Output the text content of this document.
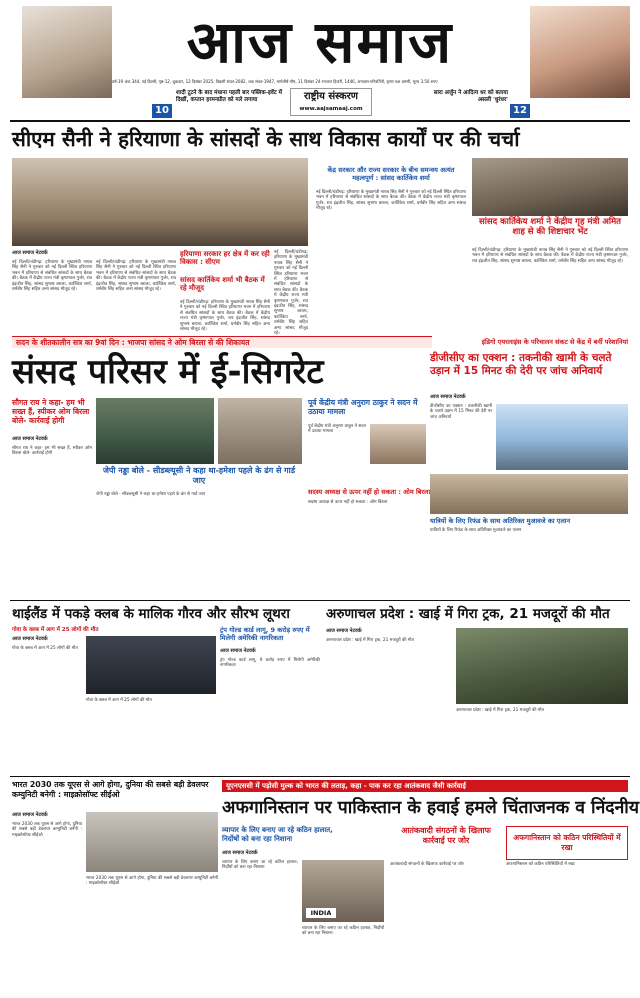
आज समाज
वर्ष-19 अंक 344, नई दिल्ली, पृष्ठ-12, शुक्रवार, 12 दिसंबर 2025, विक्रमी संवत-2082, शक संवत-1947, मार्गशीर्ष-पौष, 11 दिसंबर 24 रमजान हिजरी, 1446, अमावस-परिवर्तिनी, कृष्ण पक्ष अष्टमी, मूल्य 3.50 रुपए
10
शादी टूटने के बाद मंधाना पहली बार पब्लिक-इवेंट में दिखीं, कप्तान हरमनप्रीत को गले लगाया	राष्ट्रीय संस्करण
www.aajsamaaj.com
सारा अर्जुन ने आदित्य धर को बताया असली 'धुरंधर'
12
सीएम सैनी ने हरियाणा के सांसदों के साथ विकास कार्यों पर की चर्चा
आज समाज नेटवर्क
नई दिल्ली/चंडीगढ़: हरियाणा के मुख्यमंत्री नायब सिंह सैनी ने गुरुवार को नई दिल्ली स्थित हरियाणा भवन में हरियाणा से संबंधित सांसदों के साथ बैठक की। बैठक में केंद्रीय राज्य मंत्री कृष्णपाल गुर्जर, राव इंद्रजीत सिंह, सांसद सुभाष बराला, कार्तिकेय शर्मा, धर्मबीर सिंह सहित अन्य सांसद मौजूद रहे।
नई दिल्ली/चंडीगढ़: हरियाणा के मुख्यमंत्री नायब सिंह सैनी ने गुरुवार को नई दिल्ली स्थित हरियाणा भवन में हरियाणा से संबंधित सांसदों के साथ बैठक की। बैठक में केंद्रीय राज्य मंत्री कृष्णपाल गुर्जर, राव इंद्रजीत सिंह, सांसद सुभाष बराला, कार्तिकेय शर्मा, धर्मबीर सिंह सहित अन्य सांसद मौजूद रहे।
हरियाणा सरकार हर क्षेत्र में कर रही विकास : सीएम
सांसद कार्तिकेय शर्मा भी बैठक में रहे मौजूद
नई दिल्ली/चंडीगढ़: हरियाणा के मुख्यमंत्री नायब सिंह सैनी ने गुरुवार को नई दिल्ली स्थित हरियाणा भवन में हरियाणा से संबंधित सांसदों के साथ बैठक की। बैठक में केंद्रीय राज्य मंत्री कृष्णपाल गुर्जर, राव इंद्रजीत सिंह, सांसद सुभाष बराला, कार्तिकेय शर्मा, धर्मबीर सिंह सहित अन्य सांसद मौजूद रहे।
नई दिल्ली/चंडीगढ़: हरियाणा के मुख्यमंत्री नायब सिंह सैनी ने गुरुवार को नई दिल्ली स्थित हरियाणा भवन में हरियाणा से संबंधित सांसदों के साथ बैठक की। बैठक में केंद्रीय राज्य मंत्री कृष्णपाल गुर्जर, राव इंद्रजीत सिंह, सांसद सुभाष बराला, कार्तिकेय शर्मा, धर्मबीर सिंह सहित अन्य सांसद मौजूद रहे।
केंद्र सरकार और राज्य सरकार के बीच समन्वय अत्यंत महत्वपूर्ण : सांसद कार्तिकेय शर्मा
नई दिल्ली/चंडीगढ़: हरियाणा के मुख्यमंत्री नायब सिंह सैनी ने गुरुवार को नई दिल्ली स्थित हरियाणा भवन में हरियाणा से संबंधित सांसदों के साथ बैठक की। बैठक में केंद्रीय राज्य मंत्री कृष्णपाल गुर्जर, राव इंद्रजीत सिंह, सांसद सुभाष बराला, कार्तिकेय शर्मा, धर्मबीर सिंह सहित अन्य सांसद मौजूद रहे।
सांसद कार्तिकेय शर्मा ने केंद्रीय गृह मंत्री अमित शाह से की शिष्टाचार भेंट
नई दिल्ली/चंडीगढ़: हरियाणा के मुख्यमंत्री नायब सिंह सैनी ने गुरुवार को नई दिल्ली स्थित हरियाणा भवन में हरियाणा से संबंधित सांसदों के साथ बैठक की। बैठक में केंद्रीय राज्य मंत्री कृष्णपाल गुर्जर, राव इंद्रजीत सिंह, सांसद सुभाष बराला, कार्तिकेय शर्मा, धर्मबीर सिंह सहित अन्य सांसद मौजूद रहे।
सदन के शीतकालीन सत्र का 9वां दिन : भाजपा सांसद ने ओम बिरला से की शिकायत	इंडिगो एयरलाइंस के परिचालन संकट से केंद्र में बनीं परेशानियां
संसद परिसर में ई-सिगरेट
सौगत राय ने कहा- हम भी सख्त हैं, स्पीकर ओम बिरला बोले- कार्रवाई होगी
आज समाज नेटवर्क
सौगत राय ने कहा- हम भी सख्त हैं, स्पीकर ओम बिरला बोले- कार्रवाई होगी
जेपी नड्डा बोले - सीडब्ल्यूसी ने कहा था-हमेशा पहले के ढंग से गार्ड जाए
जेपी नड्डा बोले - सीडब्ल्यूसी ने कहा था-हमेशा पहले के ढंग से गार्ड जाए
पूर्व केंद्रीय मंत्री अनुराग ठाकुर ने सदन में उठाया मामला
पूर्व केंद्रीय मंत्री अनुराग ठाकुर ने सदन में उठाया मामला
सदस्य अध्यक्ष से ऊपर नहीं हो सकता : ओम बिरला
सदस्य अध्यक्ष से ऊपर नहीं हो सकता : ओम बिरला
डीजीसीए का एक्शन : तकनीकी खामी के चलते उड़ान में 15 मिनट की देरी पर जांच अनिवार्य
आज समाज नेटवर्क
डीजीसीए का एक्शन : तकनीकी खामी के चलते उड़ान में 15 मिनट की देरी पर जांच अनिवार्य
यात्रियों के लिए रिफंड के साथ अतिरिक्त मुआवजे का एलान
यात्रियों के लिए रिफंड के साथ अतिरिक्त मुआवजे का एलान
थाईलैंड में पकड़े क्लब के मालिक गौरव और सौरभ लूथरा
गोवा के क्लब में आग में 25 लोगों की मौत
आज समाज नेटवर्क
गोवा के क्लब में आग में 25 लोगों की मौत
गोवा के क्लब में आग में 25 लोगों की मौत
ट्रंप गोल्ड कार्ड लागू, 9 करोड़ रुपए में मिलेगी अमेरिकी नागरिकता
आज समाज नेटवर्क
ट्रंप गोल्ड कार्ड लागू, 9 करोड़ रुपए में मिलेगी अमेरिकी नागरिकता
अरुणाचल प्रदेश : खाई में गिरा ट्रक, 21 मजदूरों की मौत
आज समाज नेटवर्क
अरुणाचल प्रदेश : खाई में गिरा ट्रक, 21 मजदूरों की मौत
अरुणाचल प्रदेश : खाई में गिरा ट्रक, 21 मजदूरों की मौत
भारत 2030 तक यूएस से आगे होगा, दुनिया की सबसे बड़ी डेवलपर कम्युनिटी बनेगी : माइक्रोसॉफ्ट सीईओ
आज समाज नेटवर्क
भारत 2030 तक यूएस से आगे होगा, दुनिया की सबसे बड़ी डेवलपर कम्युनिटी बनेगी : माइक्रोसॉफ्ट सीईओ
भारत 2030 तक यूएस से आगे होगा, दुनिया की सबसे बड़ी डेवलपर कम्युनिटी बनेगी : माइक्रोसॉफ्ट सीईओ
यूएनएससी में पड़ोसी मुल्क को भारत की लताड़, कहा - पाक कर रहा आतंकवाद जैसी कार्रवाई
अफगानिस्तान पर पाकिस्तान के हवाई हमले चिंताजनक व निंदनीय
व्यापार के लिए बनाए जा रहे कठिन हालात, निर्दोषों को बना रहा निशाना
आज समाज नेटवर्क
व्यापार के लिए बनाए जा रहे कठिन हालात, निर्दोषों को बना रहा निशाना
INDIA
व्यापार के लिए बनाए जा रहे कठिन हालात, निर्दोषों को बना रहा निशाना
आतंकवादी संगठनों के खिलाफ कार्रवाई पर जोर
आतंकवादी संगठनों के खिलाफ कार्रवाई पर जोर
अफगानिस्तान को कठिन परिस्थितियों में रखा
अफगानिस्तान को कठिन परिस्थितियों में रखा
